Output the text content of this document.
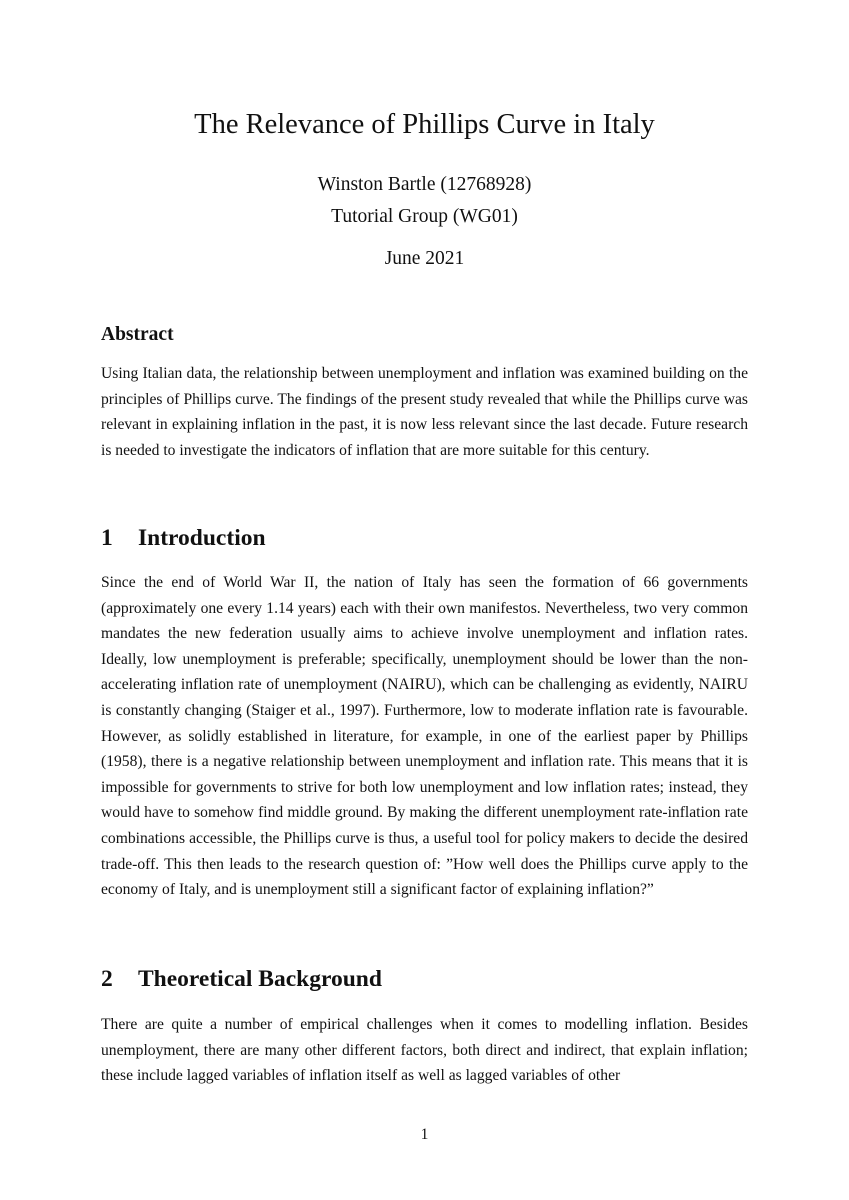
The Relevance of Phillips Curve in Italy

Winston Bartle (12768928)

Tutorial Group (WG01)

June 2021

Abstract

Using Italian data, the relationship between unemployment and inflation was examined building on the principles of Phillips curve. The findings of the present study revealed that while the Phillips curve was relevant in explaining inflation in the past, it is now less relevant since the last decade. Future research is needed to investigate the indicators of inflation that are more suitable for this century.

1 Introduction

Since the end of World War II, the nation of Italy has seen the formation of 66 governments (approximately one every 1.14 years) each with their own manifestos. Nevertheless, two very common mandates the new federation usually aims to achieve involve unemployment and inflation rates. Ideally, low unemployment is preferable; specifically, unemployment should be lower than the non-accelerating inflation rate of unemployment (NAIRU), which can be challenging as evidently, NAIRU is constantly changing (Staiger et al., 1997). Furthermore, low to moderate inflation rate is favourable. However, as solidly established in literature, for example, in one of the earliest paper by Phillips (1958), there is a negative relationship between unemployment and inflation rate. This means that it is impossible for governments to strive for both low unemployment and low inflation rates; instead, they would have to somehow find middle ground. By making the different unemployment rate-inflation rate combinations accessible, the Phillips curve is thus, a useful tool for policy makers to decide the desired trade-off. This then leads to the research question of: ”How well does the Phillips curve apply to the economy of Italy, and is unemployment still a significant factor of explaining inflation?”

2 Theoretical Background

There are quite a number of empirical challenges when it comes to modelling inflation. Besides unemployment, there are many other different factors, both direct and indirect, that explain inflation; these include lagged variables of inflation itself as well as lagged variables of other

1
